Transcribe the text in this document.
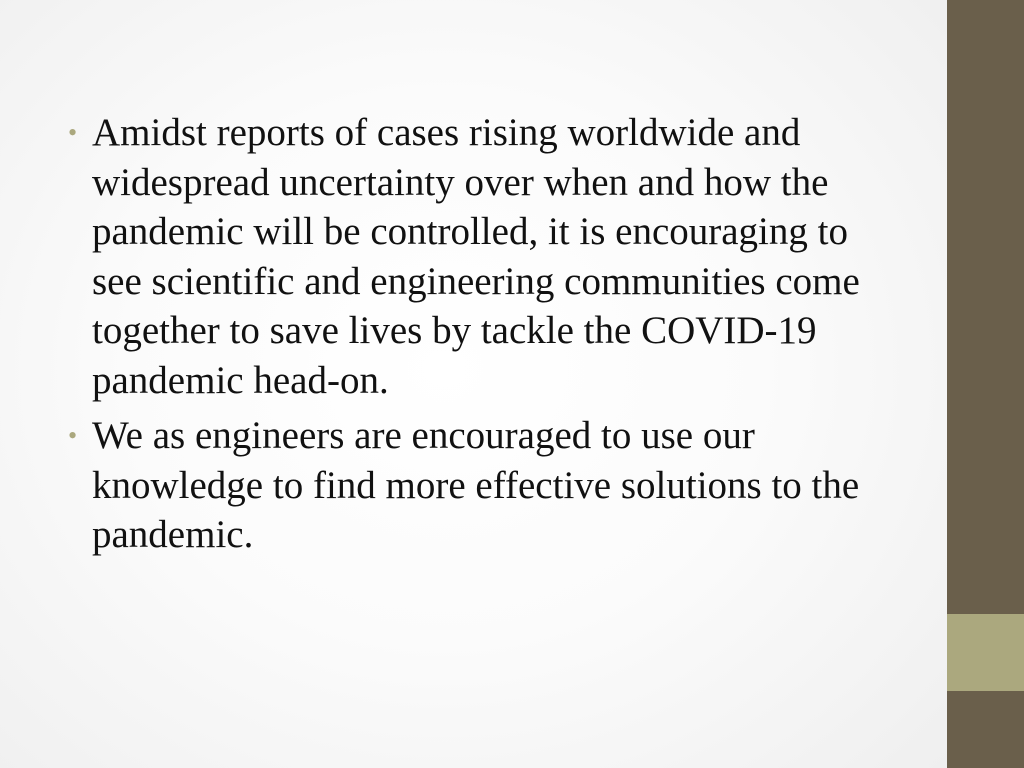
• Amidst reports of cases rising worldwide and widespread uncertainty over when and how the pandemic will be controlled, it is encouraging to see scientific and engineering communities come together to save lives by tackle the COVID-19 pandemic head-on.
• We as engineers are encouraged to use our knowledge to find more effective solutions to the pandemic.
